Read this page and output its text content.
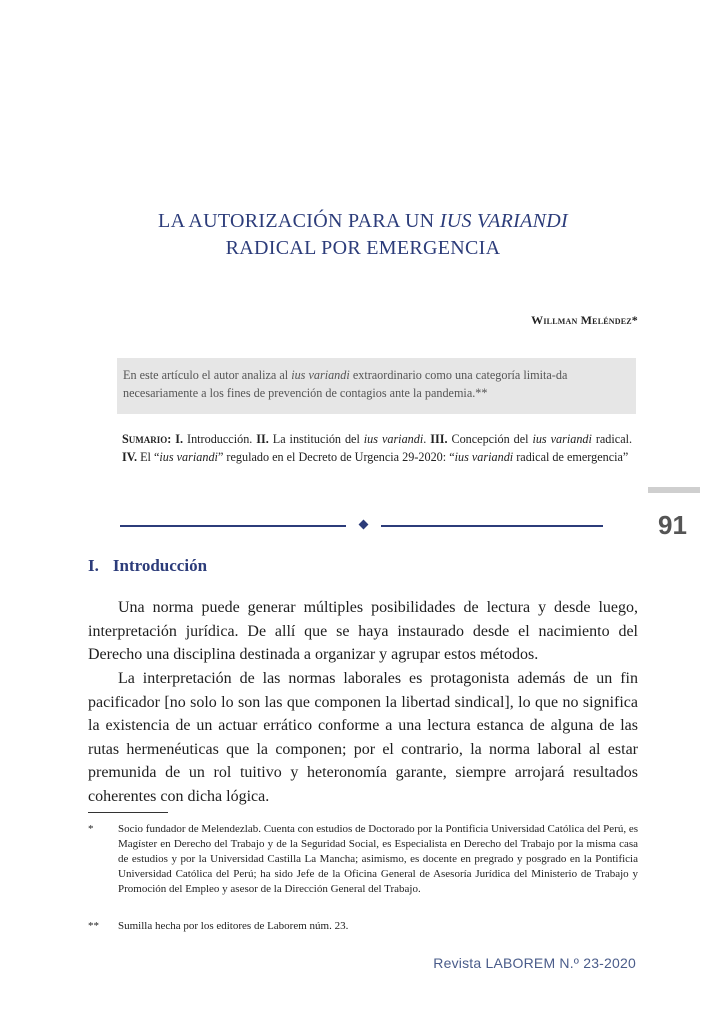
LA AUTORIZACIÓN PARA UN IUS VARIANDI
RADICAL POR EMERGENCIA
Willman Meléndez*
En este artículo el autor analiza al ius variandi extraordinario como una categoría limita-da necesariamente a los fines de prevención de contagios ante la pandemia.**
Sumario: I. Introducción. II. La institución del ius variandi. III. Concepción del ius variandi radical. IV. El “ius variandi” regulado en el Decreto de Urgencia 29-2020: “ius variandi radical de emergencia”
91
I. Introducción

Una norma puede generar múltiples posibilidades de lectura y desde luego, interpretación jurídica. De allí que se haya instaurado desde el nacimiento del Derecho una disciplina destinada a organizar y agrupar estos métodos.

La interpretación de las normas laborales es protagonista además de un fin pacificador [no solo lo son las que componen la libertad sindical], lo que no significa la existencia de un actuar errático conforme a una lectura estanca de alguna de las rutas hermenéuticas que la componen; por el contrario, la norma laboral al estar premunida de un rol tuitivo y heteronomía garante, siempre arrojará resultados coherentes con dicha lógica.

* Socio fundador de Melendezlab. Cuenta con estudios de Doctorado por la Pontificia Universidad Católica del Perú, es Magíster en Derecho del Trabajo y de la Seguridad Social, es Especialista en Derecho del Trabajo por la misma casa de estudios y por la Universidad Castilla La Mancha; asimismo, es docente en pregrado y posgrado en la Pontificia Universidad Católica del Perú; ha sido Jefe de la Oficina General de Asesoría Jurídica del Ministerio de Trabajo y Promoción del Empleo y asesor de la Dirección General del Trabajo.
** Sumilla hecha por los editores de Laborem núm. 23.
Revista LABOREM N.º 23-2020
